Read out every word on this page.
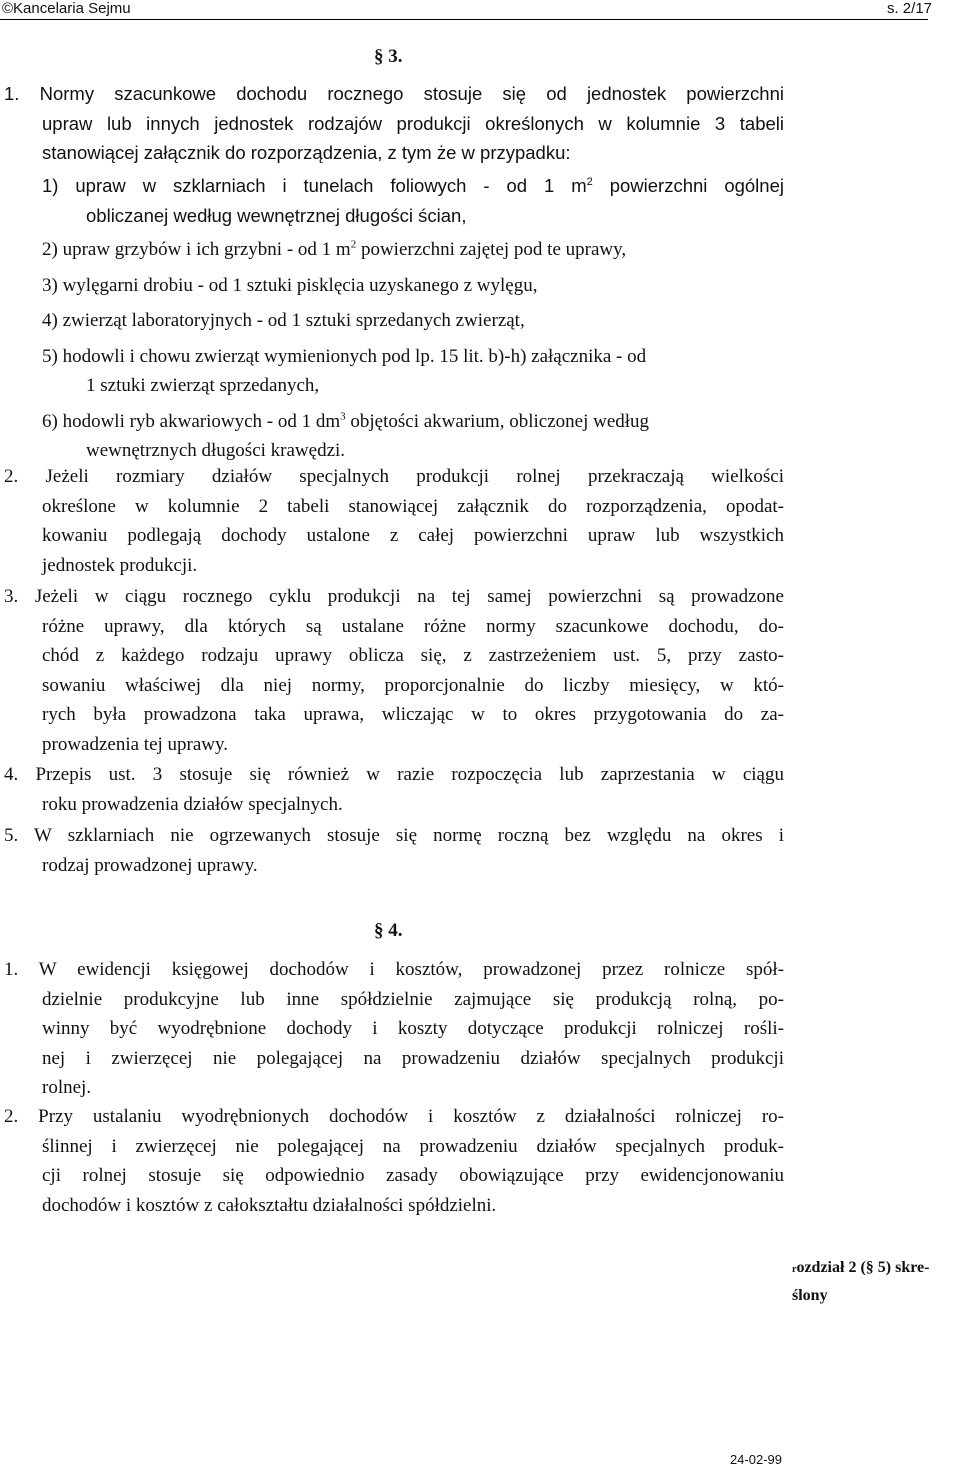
©Kancelaria Sejmu	s. 2/17
§ 3.
1. Normy szacunkowe dochodu rocznego stosuje się od jednostek powierzchni
upraw lub innych jednostek rodzajów produkcji określonych w kolumnie 3 tabeli
stanowiącej załącznik do rozporządzenia, z tym że w przypadku:
1) upraw w szklarniach i tunelach foliowych - od 1 $m^2$ powierzchni ogólnej
obliczanej według wewnętrznej długości ścian,
2) upraw grzybów i ich grzybni - od 1 $m^2$ powierzchni zajętej pod te uprawy,
3) wylęgarni drobiu - od 1 sztuki pisklęcia uzyskanego z wylęgu,
4) zwierząt laboratoryjnych - od 1 sztuki sprzedanych zwierząt,
5) hodowli i chowu zwierząt wymienionych pod lp. 15 lit. b)-h) załącznika - od
1 sztuki zwierząt sprzedanych,
6) hodowli ryb akwariowych - od 1 $dm^3$ objętości akwarium, obliczonej według
wewnętrznych długości krawędzi.
2. Jeżeli rozmiary działów specjalnych produkcji rolnej przekraczają wielkości
określone w kolumnie 2 tabeli stanowiącej załącznik do rozporządzenia, opodat-
kowaniu podlegają dochody ustalone z całej powierzchni upraw lub wszystkich
jednostek produkcji.
3. Jeżeli w ciągu rocznego cyklu produkcji na tej samej powierzchni są prowadzone
różne uprawy, dla których są ustalane różne normy szacunkowe dochodu, do-
chód z każdego rodzaju uprawy oblicza się, z zastrzeżeniem ust. 5, przy zasto-
sowaniu właściwej dla niej normy, proporcjonalnie do liczby miesięcy, w któ-
rych była prowadzona taka uprawa, wliczając w to okres przygotowania do za-
prowadzenia tej uprawy.
4. Przepis ust. 3 stosuje się również w razie rozpoczęcia lub zaprzestania w ciągu
roku prowadzenia działów specjalnych.
5. W szklarniach nie ogrzewanych stosuje się normę roczną bez względu na okres i
rodzaj prowadzonej uprawy.
§ 4.
1. W ewidencji księgowej dochodów i kosztów, prowadzonej przez rolnicze spół-
dzielnie produkcyjne lub inne spółdzielnie zajmujące się produkcją rolną, po-
winny być wyodrębnione dochody i koszty dotyczące produkcji rolniczej rośli-
nej i zwierzęcej nie polegającej na prowadzeniu działów specjalnych produkcji
rolnej.
2. Przy ustalaniu wyodrębnionych dochodów i kosztów z działalności rolniczej ro-
ślinnej i zwierzęcej nie polegającej na prowadzeniu działów specjalnych produk-
cji rolnej stosuje się odpowiednio zasady obowiązujące przy ewidencjonowaniu
dochodów i kosztów z całokształtu działalności spółdzielni.
rozdział 2 (§ 5) skre-
ślony
24-02-99
